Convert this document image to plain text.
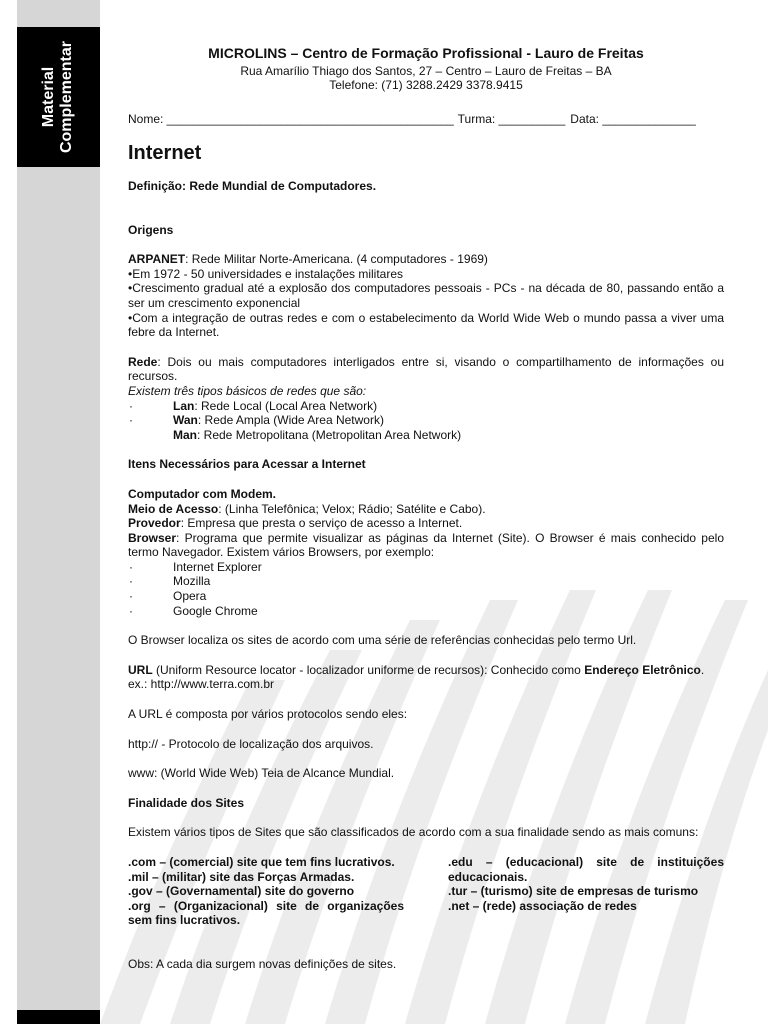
Material Complementar	MICROLINS – Centro de Formação Profissional - Lauro de Freitas
Rua Amarílio Thiago dos Santos, 27 – Centro – Lauro de Freitas – BA
Telefone: (71) 3288.2429 3378.9415
Nome: ___________________________________________ Turma: __________ Data: ______________
Internet

Definição: Rede Mundial de Computadores.

Origens

ARPANET: Rede Militar Norte-Americana. (4 computadores - 1969)

•Em 1972 - 50 universidades e instalações militares

•Crescimento gradual até a explosão dos computadores pessoais - PCs - na década de 80, passando então a ser um crescimento exponencial

•Com a integração de outras redes e com o estabelecimento da World Wide Web o mundo passa a viver uma febre da Internet.

Rede: Dois ou mais computadores interligados entre si, visando o compartilhamento de informações ou recursos.

Existem três tipos básicos de redes que são:

·	Lan: Rede Local (Local Area Network)
·	Wan: Rede Ampla (Wide Area Network)
Man: Rede Metropolitana (Metropolitan Area Network)

Itens Necessários para Acessar a Internet

Computador com Modem.

Meio de Acesso: (Linha Telefônica; Velox; Rádio; Satélite e Cabo).

Provedor: Empresa que presta o serviço de acesso a Internet.

Browser: Programa que permite visualizar as páginas da Internet (Site). O Browser é mais conhecido pelo termo Navegador. Existem vários Browsers, por exemplo:

·	Internet Explorer
·	Mozilla
·	Opera
·	Google Chrome

O Browser localiza os sites de acordo com uma série de referências conhecidas pelo termo Url.

URL (Uniform Resource locator - localizador uniforme de recursos): Conhecido como Endereço Eletrônico.

ex.: http://www.terra.com.br

A URL é composta por vários protocolos sendo eles:

http:// - Protocolo de localização dos arquivos.

www: (World Wide Web) Teia de Alcance Mundial.

Finalidade dos Sites

Existem vários tipos de Sites que são classificados de acordo com a sua finalidade sendo as mais comuns:

.com – (comercial) site que tem fins lucrativos.

.mil – (militar) site das Forças Armadas.

.gov – (Governamental) site do governo

.org – (Organizacional) site de organizações sem fins lucrativos.

.edu – (educacional) site de instituições educacionais.

.tur – (turismo) site de empresas de turismo

.net – (rede) associação de redes

Obs: A cada dia surgem novas definições de sites.
